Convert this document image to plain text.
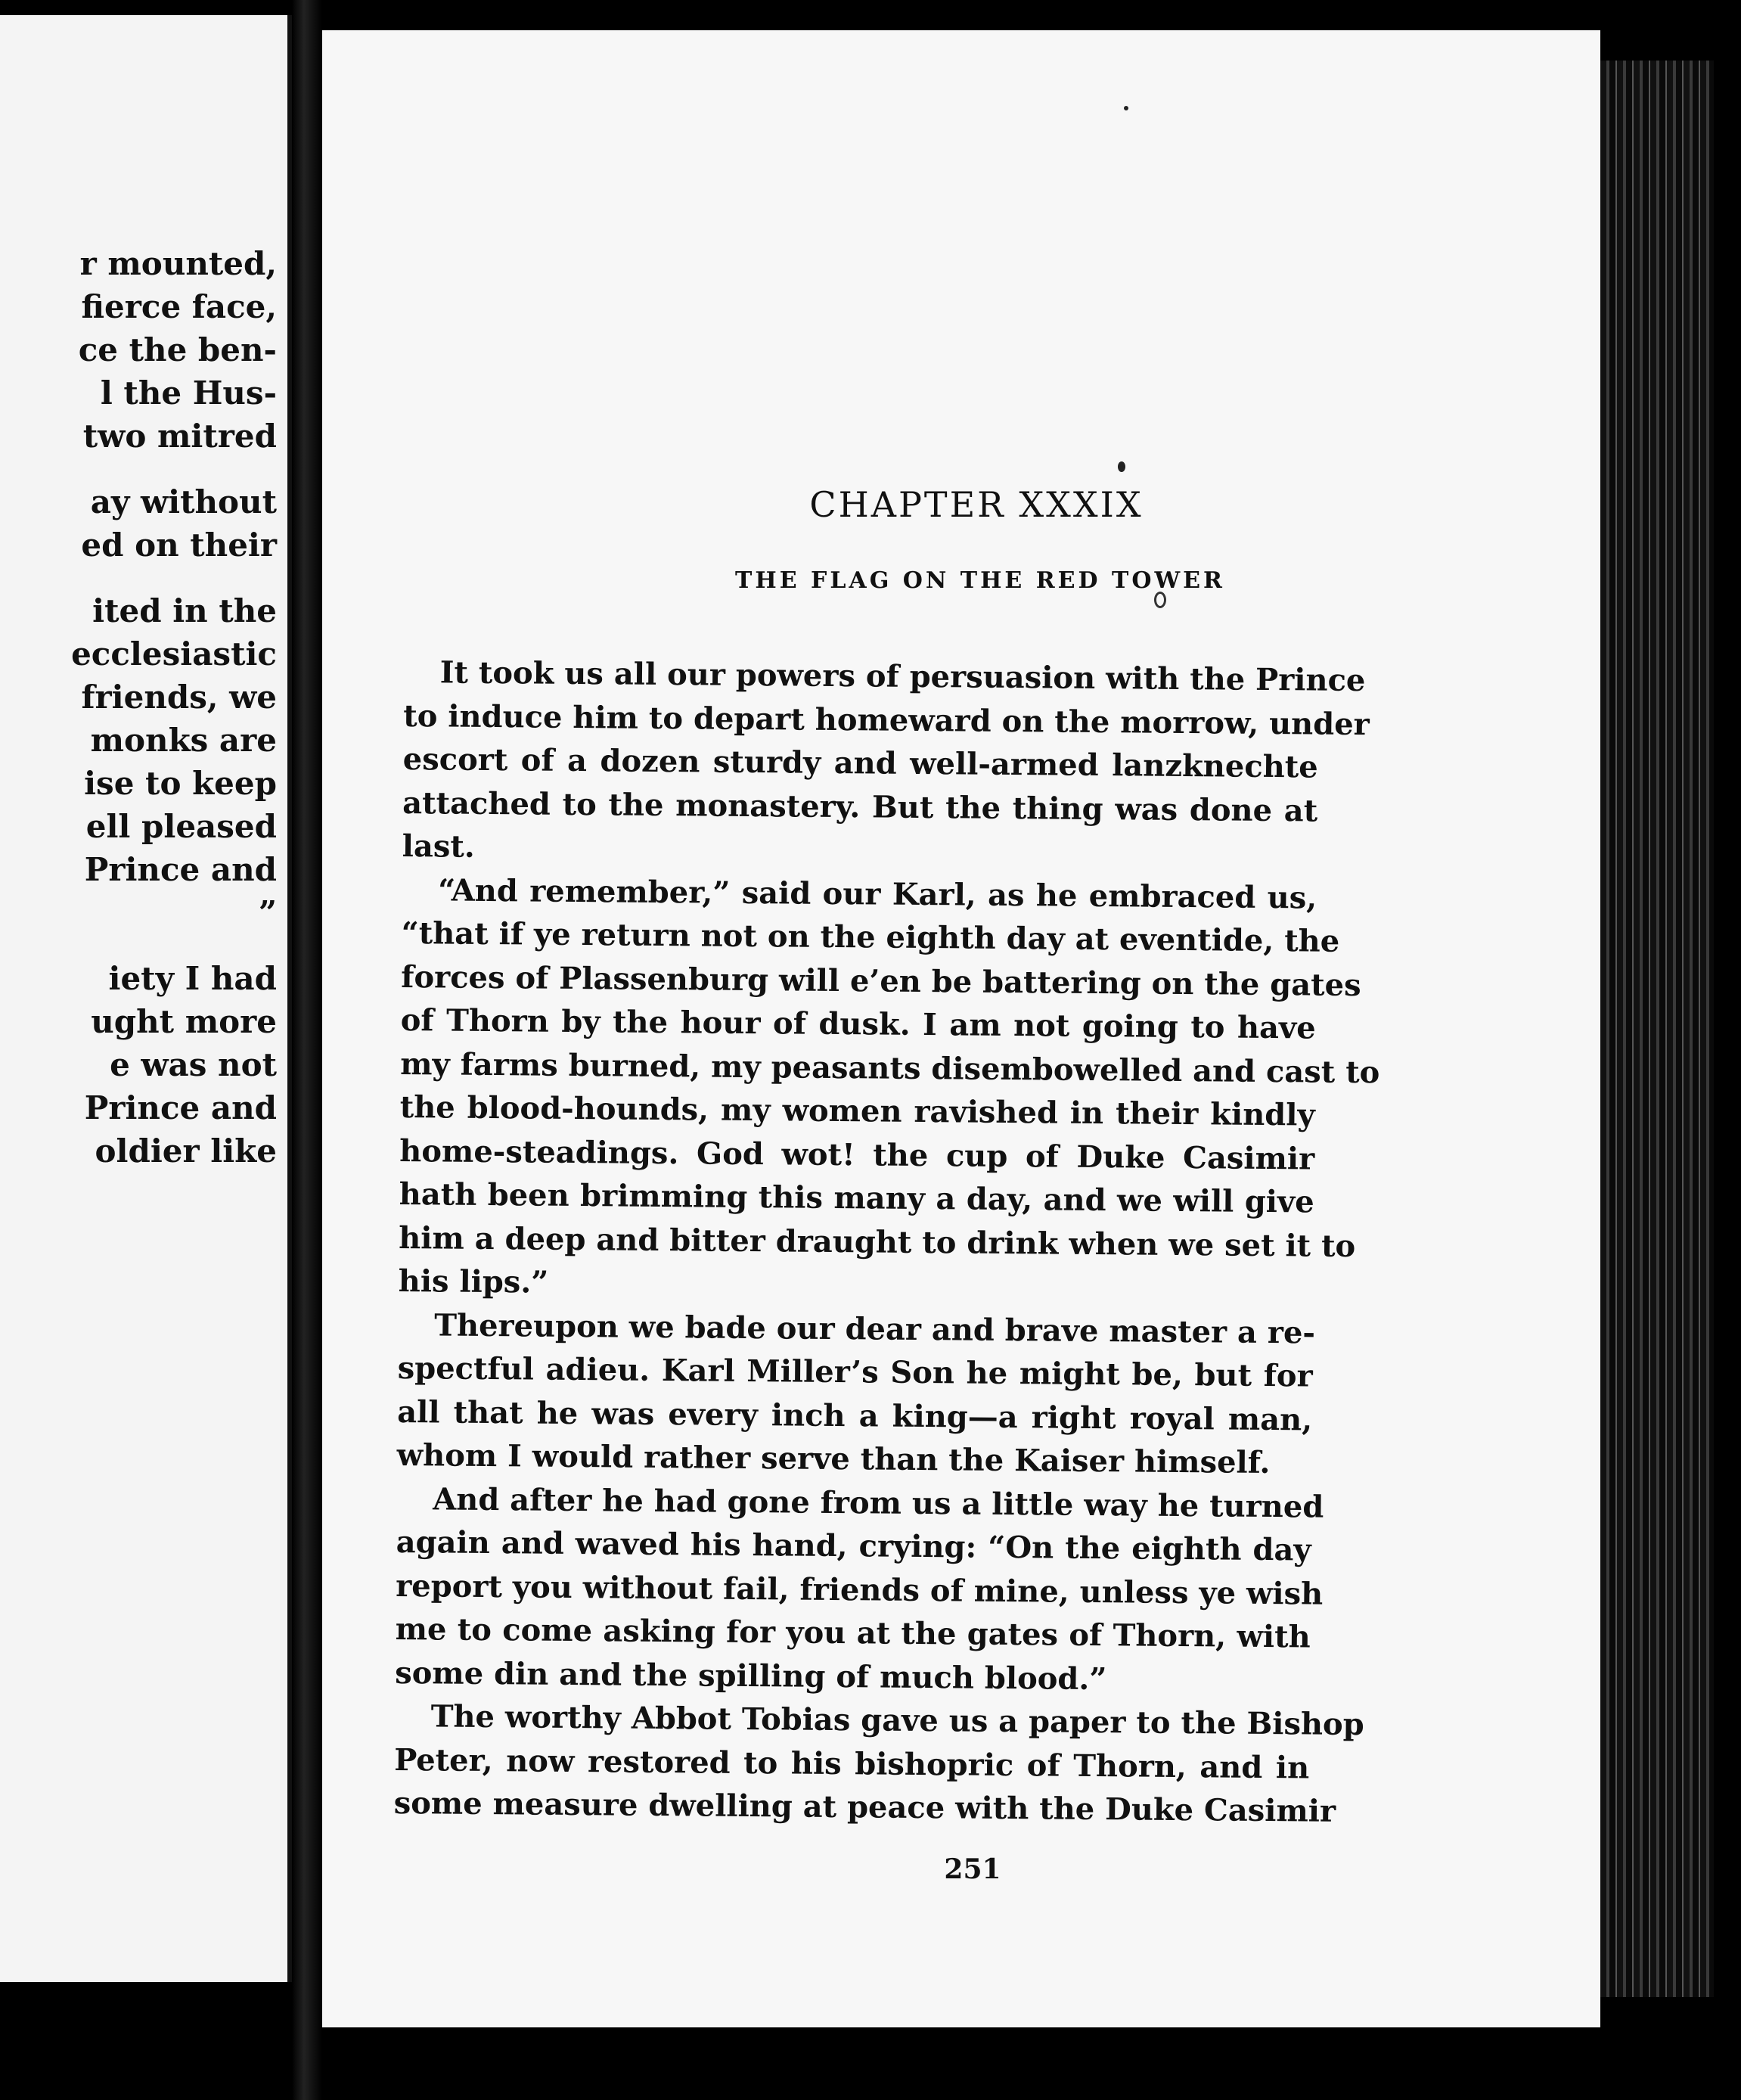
r mounted,
fierce face,
ce the ben-
l the Hus-
two mitred
ay without
ed on their
ited in the
ecclesiastic
friends, we
monks are
ise to keep
ell pleased
Prince and
”
iety I had
ught more
e was not
Prince and
oldier like
CHAPTER XXXIX
THE FLAG ON THE RED TOWER
It took us all our powers of persuasion with the Prince
to induce him to depart homeward on the morrow, under
escort of a dozen sturdy and well-armed lanzknechte
attached to the monastery. But the thing was done at
last.
“And remember,” said our Karl, as he embraced us,
“that if ye return not on the eighth day at eventide, the
forces of Plassenburg will e’en be battering on the gates
of Thorn by the hour of dusk. I am not going to have
my farms burned, my peasants disembowelled and cast to
the blood-hounds, my women ravished in their kindly
home-steadings. God wot! the cup of Duke Casimir
hath been brimming this many a day, and we will give
him a deep and bitter draught to drink when we set it to
his lips.”
Thereupon we bade our dear and brave master a re-
spectful adieu. Karl Miller’s Son he might be, but for
all that he was every inch a king—a right royal man,
whom I would rather serve than the Kaiser himself.
And after he had gone from us a little way he turned
again and waved his hand, crying: “On the eighth day
report you without fail, friends of mine, unless ye wish
me to come asking for you at the gates of Thorn, with
some din and the spilling of much blood.”
The worthy Abbot Tobias gave us a paper to the Bishop
Peter, now restored to his bishopric of Thorn, and in
some measure dwelling at peace with the Duke Casimir
251
